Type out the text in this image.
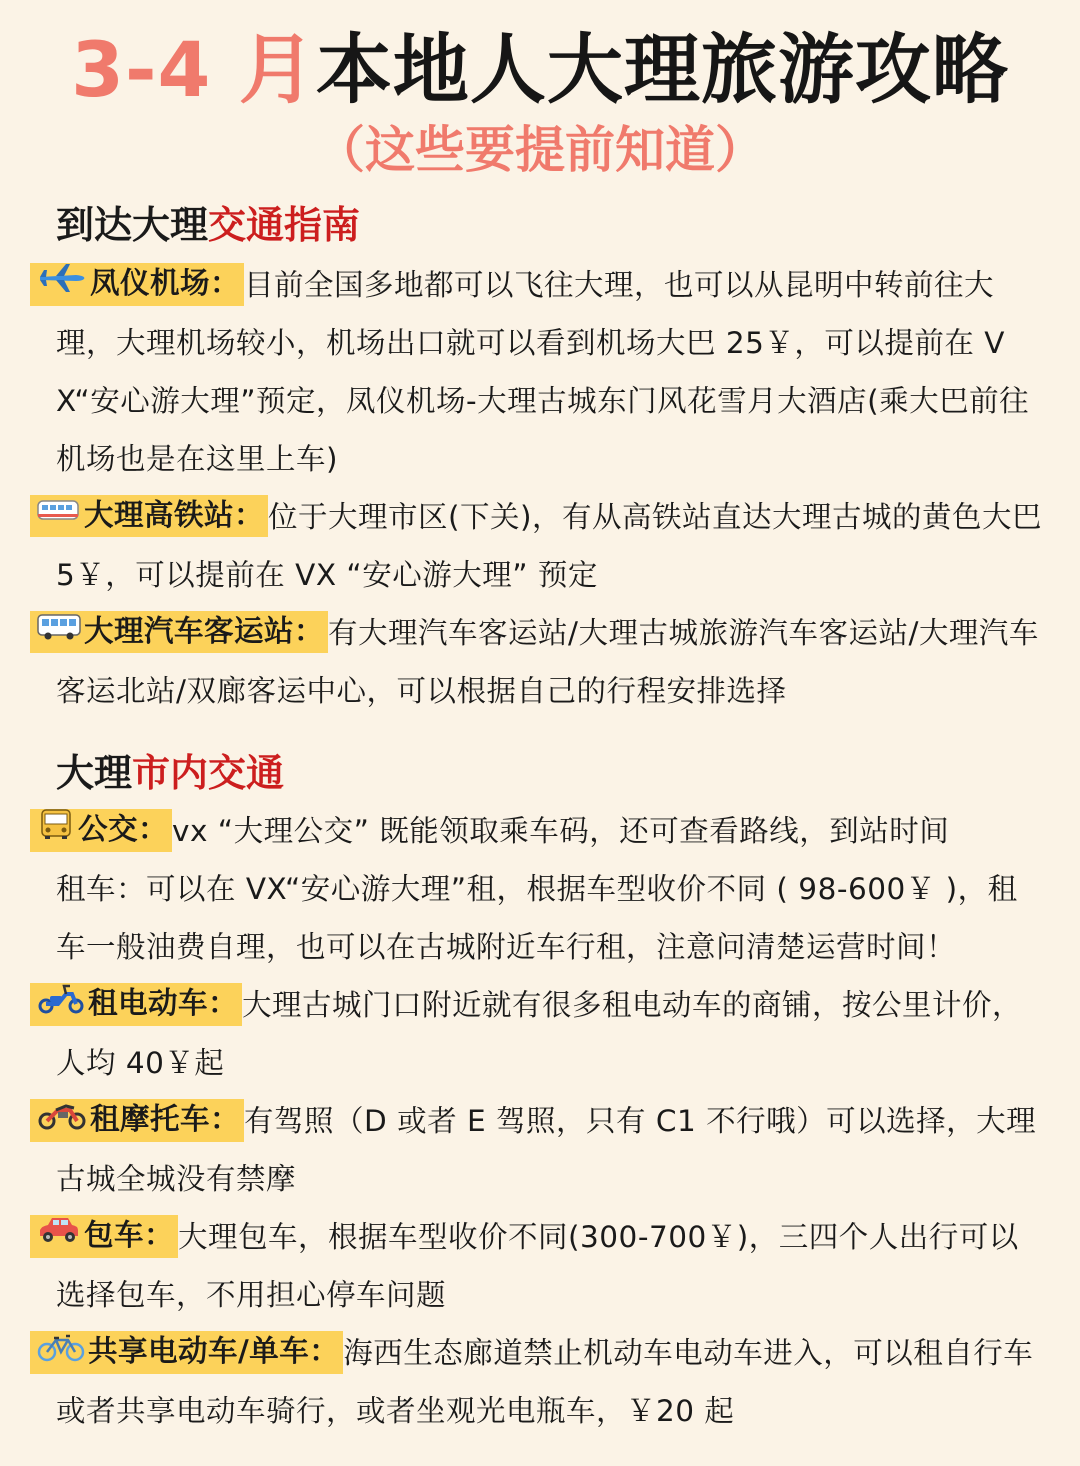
3-4 月本地人大理旅游攻略
（这些要提前知道）
到达大理交通指南
凤仪机场： 目前全国多地都可以飞往大理，也可以从昆明中转前往大理，大理机场较小，机场出口就可以看到机场大巴 25￥，可以提前在 VX“安心游大理”预定，凤仪机场-大理古城东门风花雪月大酒店(乘大巴前往机场也是在这里上车)
大理高铁站： 位于大理市区(下关)，有从高铁站直达大理古城的黄色大巴 5￥，可以提前在 VX “安心游大理” 预定
大理汽车客运站： 有大理汽车客运站/大理古城旅游汽车客运站/大理汽车客运北站/双廊客运中心，可以根据自己的行程安排选择
大理市内交通
公交： vx “大理公交” 既能领取乘车码，还可查看路线，到站时间
租车：可以在 VX“安心游大理”租，根据车型收价不同 ( 98-600￥ )，租车一般油费自理，也可以在古城附近车行租，注意问清楚运营时间！
租电动车： 大理古城门口附近就有很多租电动车的商铺，按公里计价，人均 40￥起
租摩托车： 有驾照（D 或者 E 驾照，只有 C1 不行哦）可以选择，大理古城全城没有禁摩
包车： 大理包车，根据车型收价不同(300-700￥)，三四个人出行可以选择包车，不用担心停车问题
共享电动车/单车： 海西生态廊道禁止机动车电动车进入，可以租自行车或者共享电动车骑行，或者坐观光电瓶车，￥20 起
